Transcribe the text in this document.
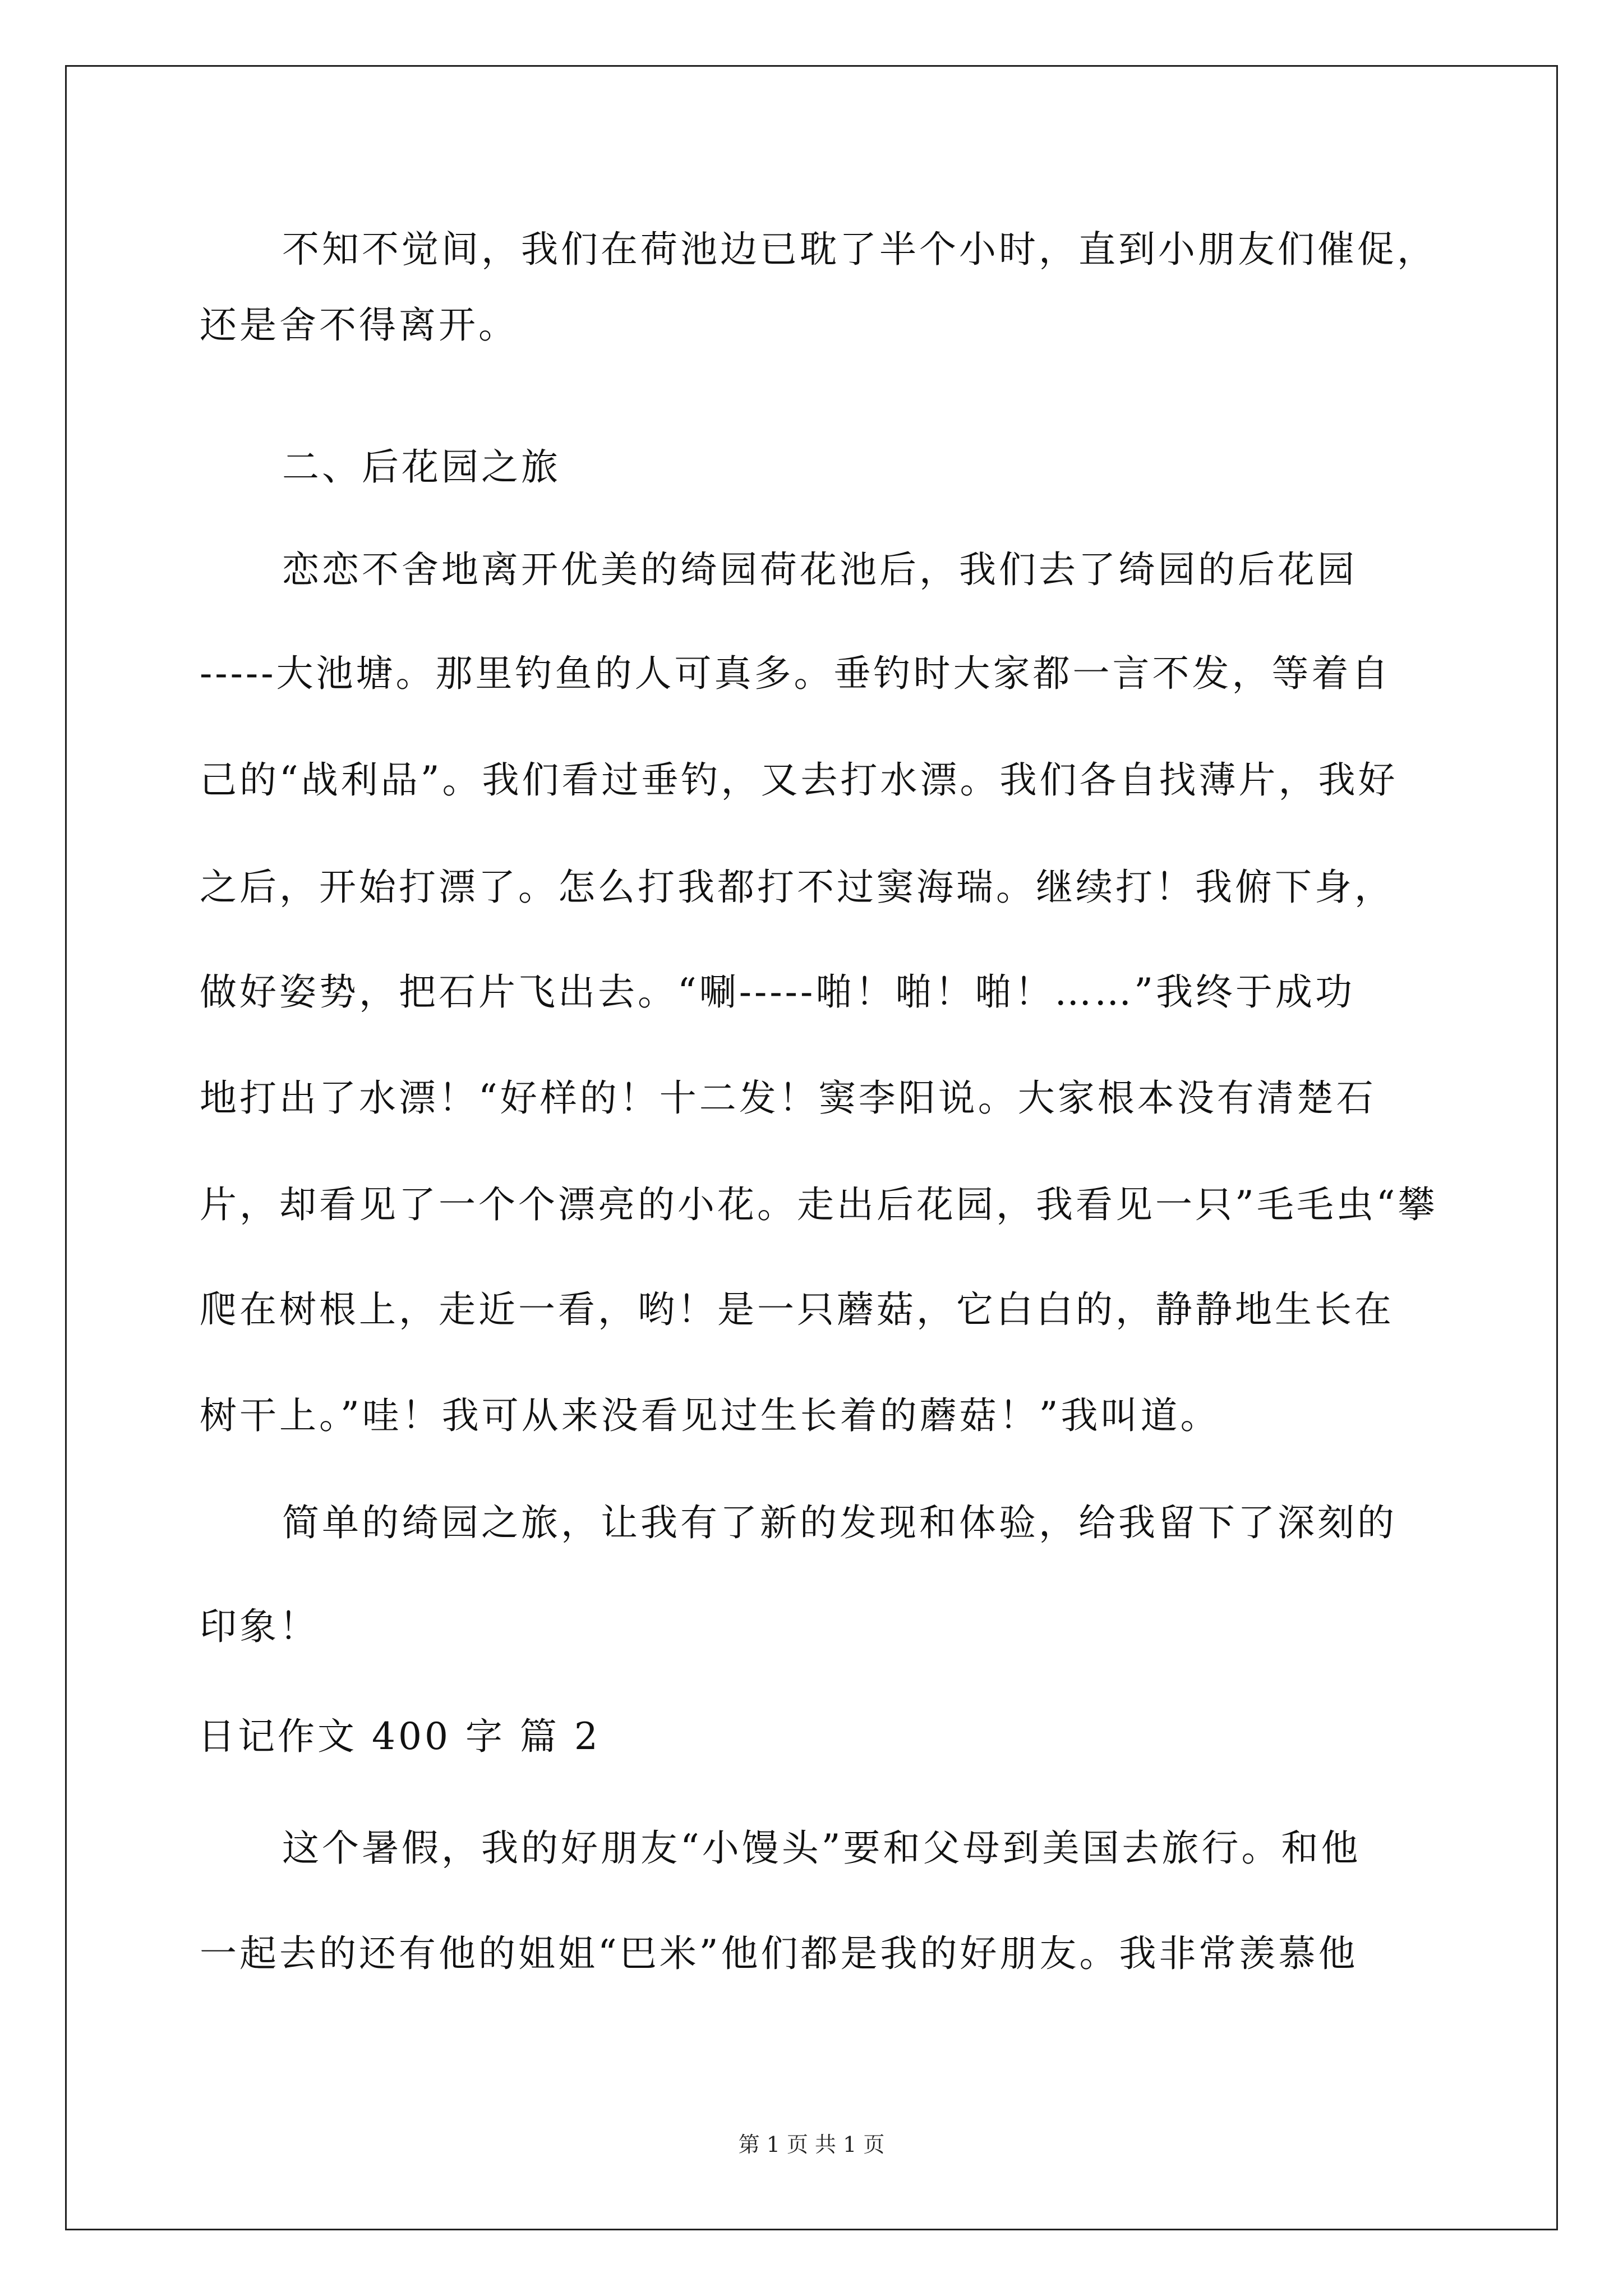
不知不觉间，我们在荷池边已耽了半个小时，直到小朋友们催促，
还是舍不得离开。
二、后花园之旅
恋恋不舍地离开优美的绮园荷花池后，我们去了绮园的后花园
-----大池塘。那里钓鱼的人可真多。垂钓时大家都一言不发，等着自
己的“战利品”。我们看过垂钓，又去打水漂。我们各自找薄片，我好
之后，开始打漂了。怎么打我都打不过窦海瑞。继续打！我俯下身，
做好姿势，把石片飞出去。“唰-----啪！啪！啪！……”我终于成功
地打出了水漂！“好样的！十二发！窦李阳说。大家根本没有清楚石
片，却看见了一个个漂亮的小花。走出后花园，我看见一只”毛毛虫“攀
爬在树根上，走近一看，哟！是一只蘑菇，它白白的，静静地生长在
树干上。”哇！我可从来没看见过生长着的蘑菇！”我叫道。
简单的绮园之旅，让我有了新的发现和体验，给我留下了深刻的
印象！
日记作文 400 字 篇 2
这个暑假，我的好朋友“小馒头”要和父母到美国去旅行。和他
一起去的还有他的姐姐“巴米”他们都是我的好朋友。我非常羡慕他
第 1 页 共 1 页
